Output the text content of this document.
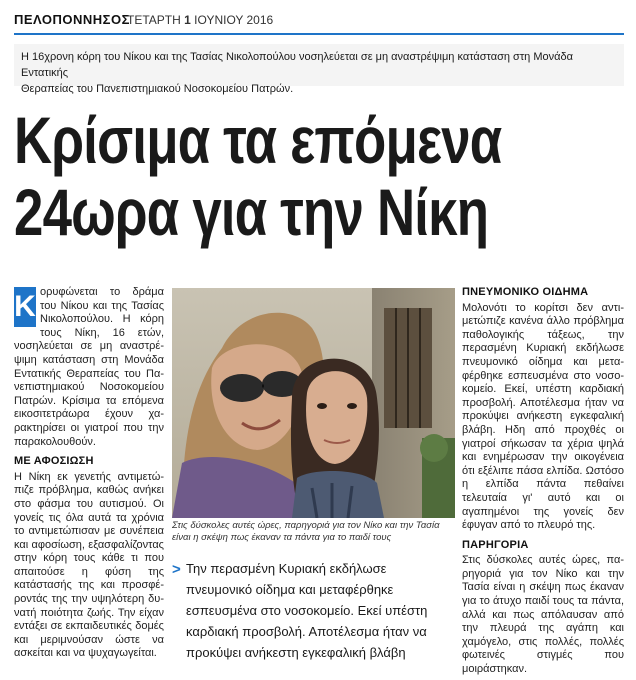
ΠΕΛΟΠΟΝΝΗΣΟΣ
ΤΕΤΑΡΤΗ 1 ΙΟΥΝΙΟΥ 2016
Η 16χρονη κόρη του Νίκου και της Τασίας Νικολοπούλου νοσηλεύεται σε μη αναστρέψιμη κατάσταση στη Μονάδα Εντατικής
Θεραπείας του Πανεπιστημιακού Νοσοκομείου Πατρών.
Κρίσιμα τα επόμενα
24ωρα για την Νίκη
Κ ορυφώνεται το δράμα του Νίκου και της Τασίας Νικολοπούλου. Η κόρη τους Νίκη, 16 ετών, νοσηλεύεται σε μη αναστρέψιμη κατάσταση στη Μονάδα Εντατικής Θεραπείας του Πανεπιστημιακού Νοσοκομείου Πατρών. Κρίσιμα τα επόμενα εικοσιτετράωρα έχουν χαρακτηρίσει οι γιατροί που την παρακολουθούν.

ΜΕ ΑΦΟΣΙΩΣΗ

Η Νίκη εκ γενετής αντιμετώπιζε πρόβλημα, καθώς ανήκει στο φάσμα του αυτισμού. Οι γονείς τις όλα αυτά τα χρόνια το αντιμετώπισαν με συνέπεια και αφοσίωση, εξασφαλίζοντας στην κόρη τους κάθε τι που απαιτούσε η φύση της κατάστασής της και προσφέροντάς της την υψηλότερη δυνατή ποιότητα ζωής. Την είχαν εντάξει σε εκπαιδευτικές δομές και μεριμνούσαν ώστε να ασκείται και να ψυχαγωγείται.

Στις δύσκολες αυτές ώρες, παρηγοριά για τον Νίκο και την Τασία είναι η σκέψη πως έκαναν τα πάντα για το παιδί τους
> Την περασμένη Κυριακή εκδήλωσε πνευμονικό οίδημα και μεταφέρθηκε εσπευσμένα στο νοσοκομείο. Εκεί υπέστη καρδιακή προσβολή. Αποτέλεσμα ήταν να προκύψει ανήκεστη εγκεφαλική βλάβη
ΠΝΕΥΜΟΝΙΚΟ ΟΙΔΗΜΑ

Μολονότι το κορίτσι δεν αντιμετώπιζε κανένα άλλο πρόβλημα παθολογικής τάξεως, την περασμένη Κυριακή εκδήλωσε πνευμονικό οίδημα και μεταφέρθηκε εσπευσμένα στο νοσοκομείο. Εκεί, υπέστη καρδιακή προσβολή. Αποτέλεσμα ήταν να προκύψει ανήκεστη εγκεφαλική βλάβη. Ηδη από προχθές οι γιατροί σήκωσαν τα χέρια ψηλά και ενημέρωσαν την οικογένεια ότι εξέλιπε πάσα ελπίδα. Ωστόσο η ελπίδα πάντα πεθαίνει τελευταία γι' αυτό και οι αγαπημένοι της γονείς δεν έφυγαν από το πλευρό της.

ΠΑΡΗΓΟΡΙΑ

Στις δύσκολες αυτές ώρες, παρηγοριά για τον Νίκο και την Τασία είναι η σκέψη πως έκαναν για το άτυχο παιδί τους τα πάντα, αλλά και πως απόλαυσαν από την πλευρά της αγάπη και χαμόγελο, στις πολλές, πολλές φωτεινές στιγμές που μοιράστηκαν.
